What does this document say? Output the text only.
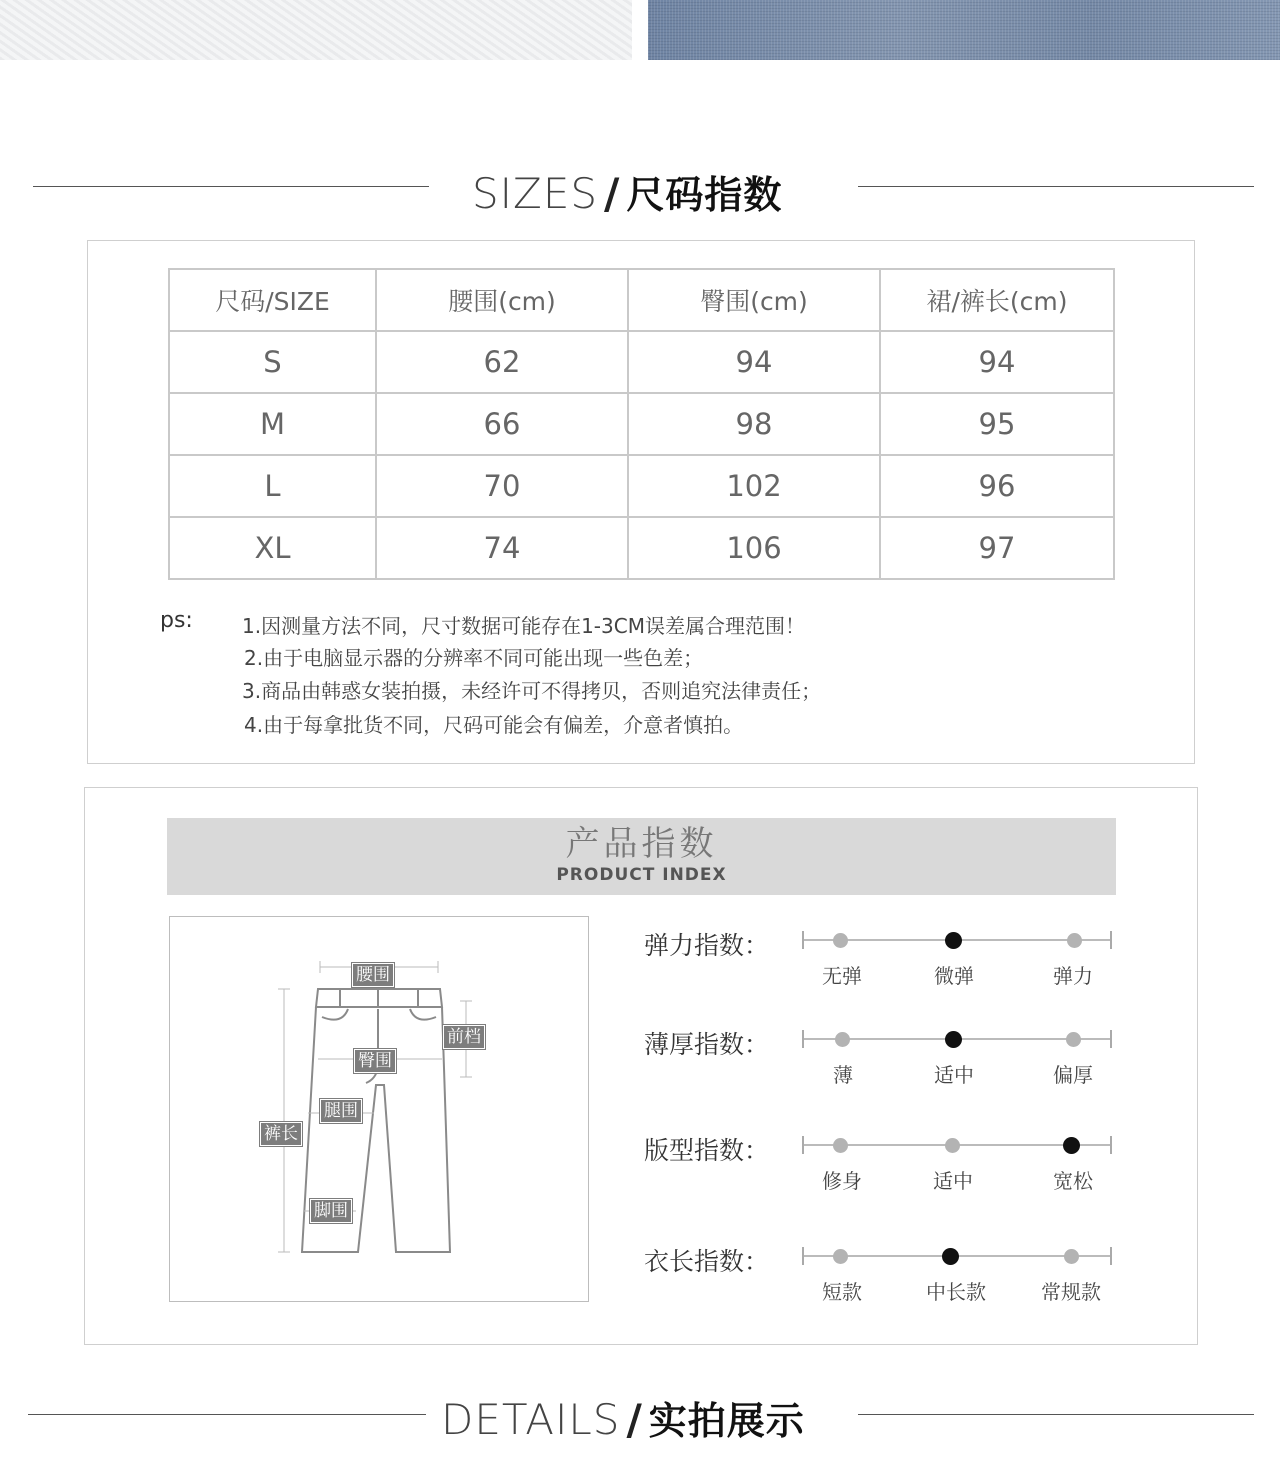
SIZES / 尺码指数
尺码/SIZE	腰围(cm)	臀围(cm)	裙/裤长(cm)
S	62	94	94
M	66	98	95
L	70	102	96
XL	74	106	97
ps: 1.因测量方法不同，尺寸数据可能存在1-3CM误差属合理范围！
2.由于电脑显示器的分辨率不同可能出现一些色差；
3.商品由韩惑女装拍摄，未经许可不得拷贝，否则追究法律责任；
4.由于每拿批货不同，尺码可能会有偏差，介意者慎拍。
产品指数
PRODUCT INDEX
腰围
前档
臀围
腿围
裤长
脚围
弹力指数：
无弹	微弹	弹力
薄厚指数：
薄	适中	偏厚
版型指数：
修身	适中	宽松
衣长指数：
短款	中长款	常规款
DETAILS / 实拍展示
